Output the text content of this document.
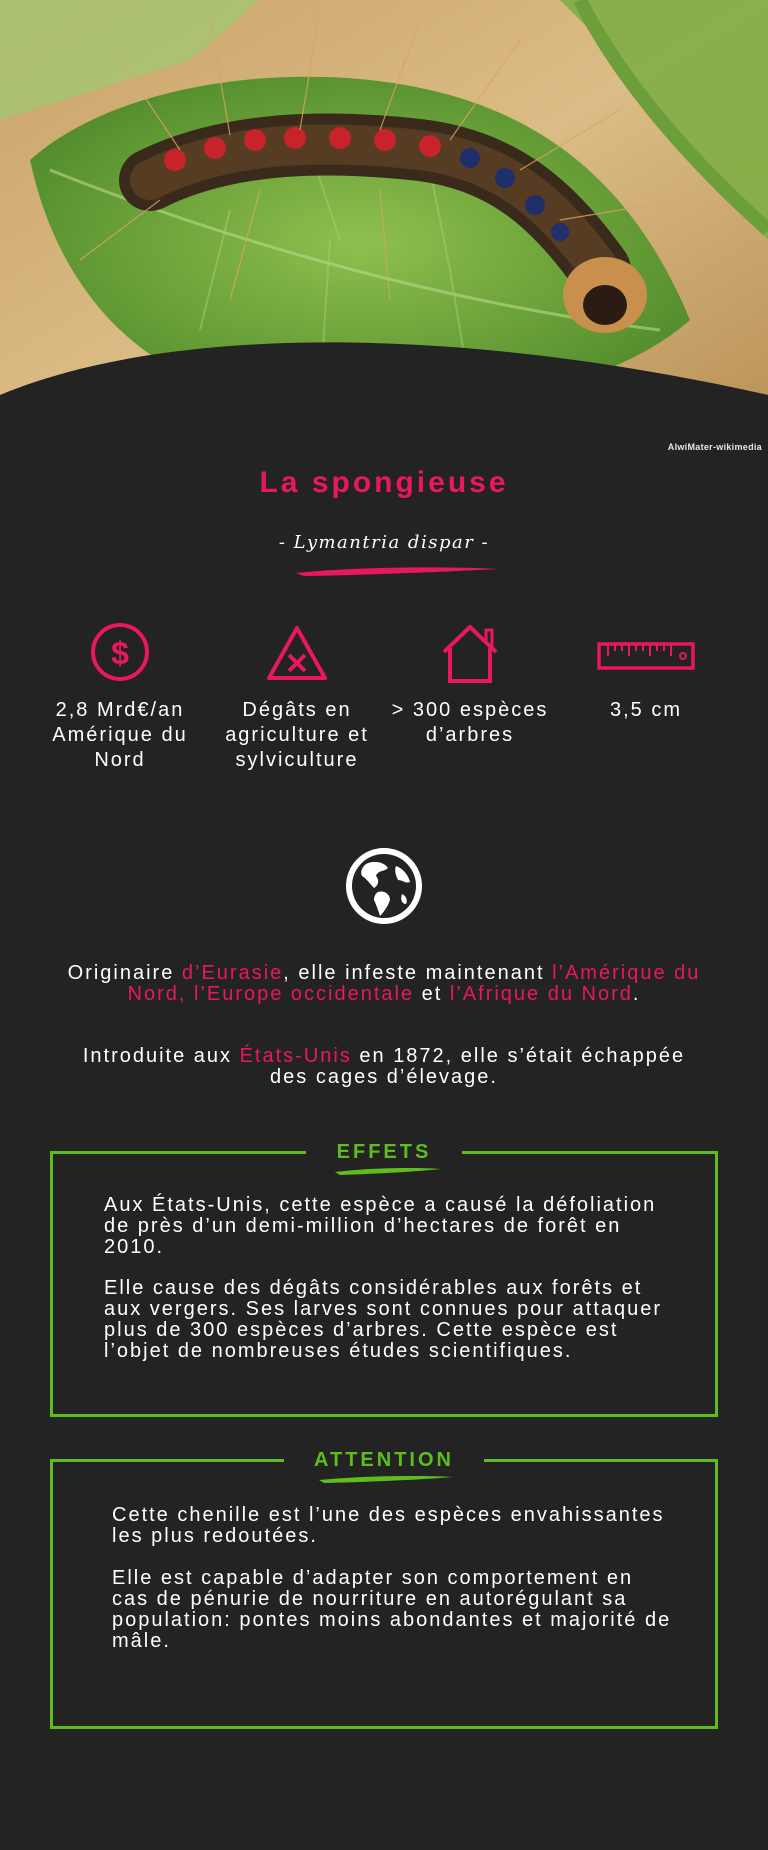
AlwiMater-wikimedia
La spongieuse
- Lymantria dispar -
$
2,8 Mrd€/an Amérique du Nord
Dégâts en agriculture et sylviculture
> 300 espèces d’arbres
3,5 cm
Originaire d’Eurasie, elle infeste maintenant l’Amérique du Nord, l’Europe occidentale et l’Afrique du Nord.
Introduite aux États-Unis en 1872, elle s’était échappée des cages d’élevage.
EFFETS
Aux États-Unis, cette espèce a causé la défoliation de près d’un demi-million d’hectares de forêt en 2010.
Elle cause des dégâts considérables aux forêts et aux vergers. Ses larves sont connues pour attaquer plus de 300 espèces d’arbres. Cette espèce est l’objet de nombreuses études scientifiques.
ATTENTION
Cette chenille est l’une des espèces envahissantes les plus redoutées.
Elle est capable d’adapter son comportement en cas de pénurie de nourriture en autorégulant sa population: pontes moins abondantes et majorité de mâle.
